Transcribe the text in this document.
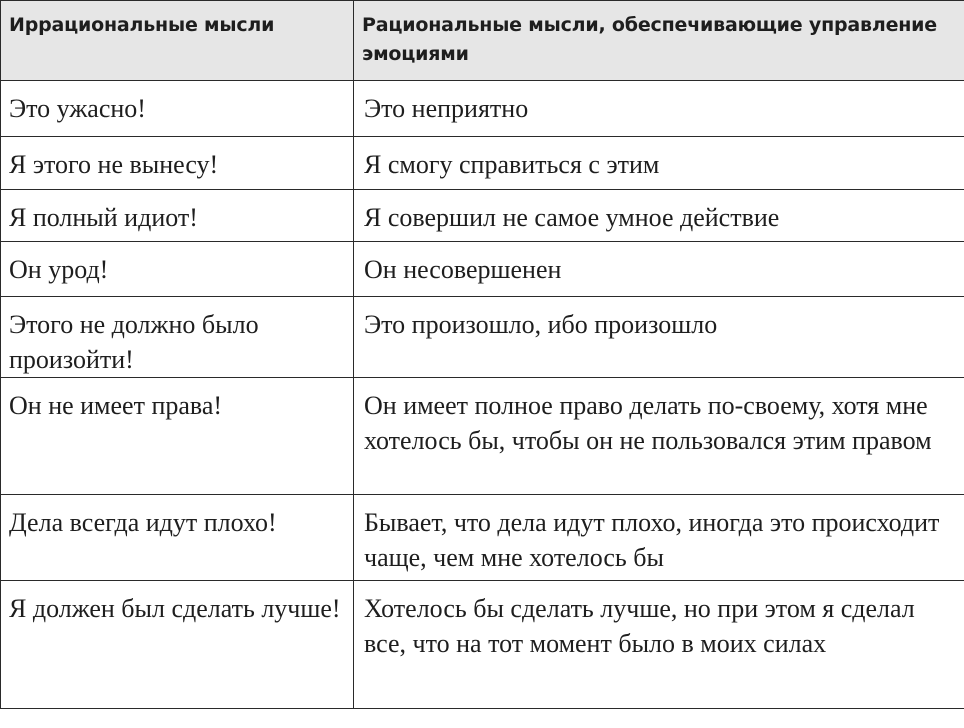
Иррациональные мысли	Рациональные мысли, обеспечивающие управление эмоциями
Это ужасно!	Это неприятно
Я этого не вынесу!	Я смогу справиться с этим
Я полный идиот!	Я совершил не самое умное действие
Он урод!	Он несовершенен
Этого не должно было произойти!	Это произошло, ибо произошло
Он не имеет права!	Он имеет полное право делать по-своему, хотя мне хотелось бы, чтобы он не пользовался этим правом
Дела всегда идут плохо!	Бывает, что дела идут плохо, иногда это происходит чаще, чем мне хотелось бы
Я должен был сделать лучше!	Хотелось бы сделать лучше, но при этом я сделал все, что на тот момент было в моих силах
